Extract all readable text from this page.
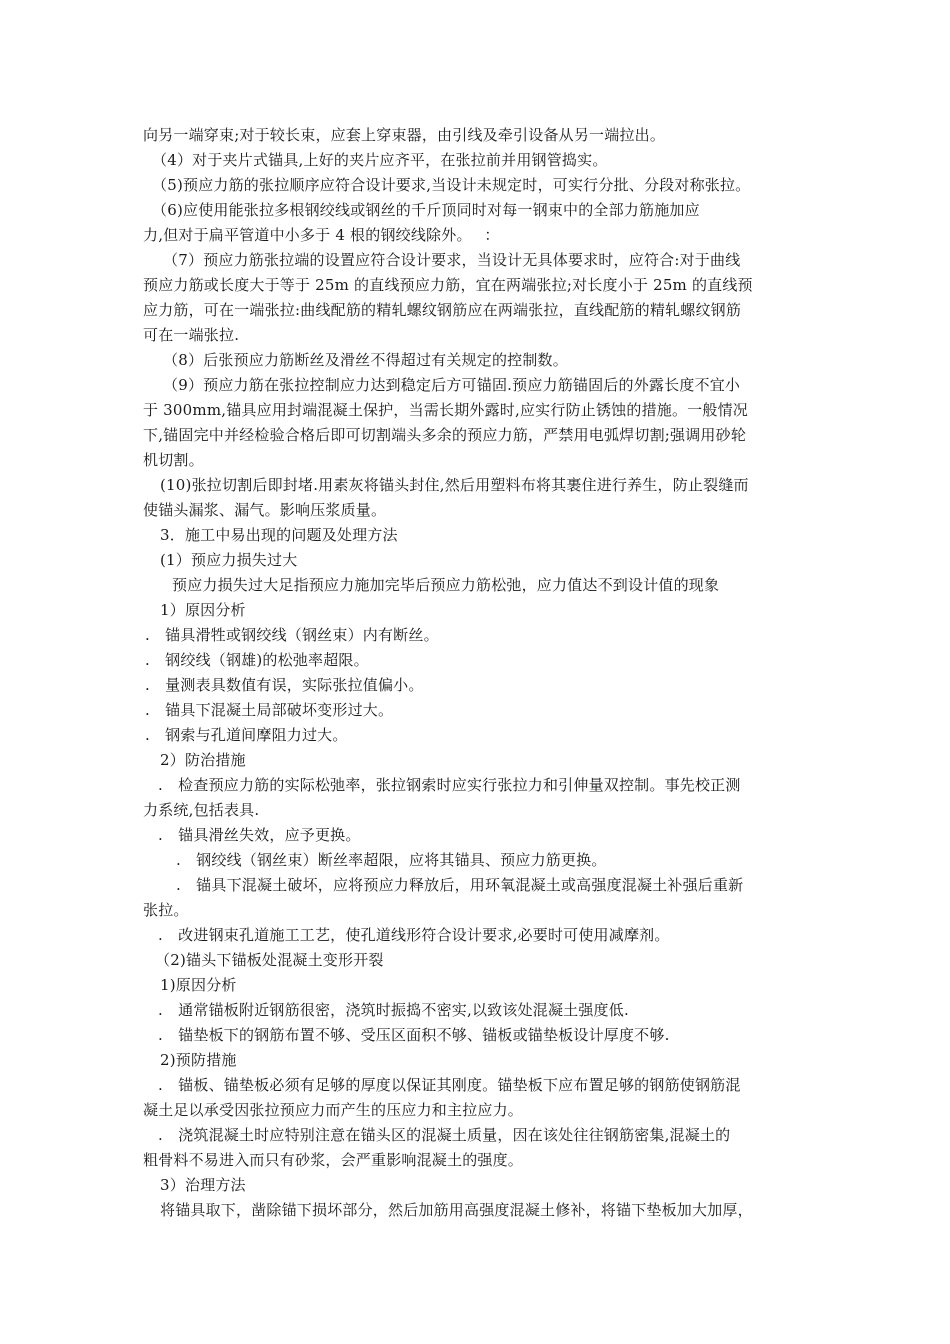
向另一端穿束;对于较长束，应套上穿束器，由引线及牵引设备从另一端拉出。
（4）对于夹片式锚具,上好的夹片应齐平，在张拉前并用钢管捣实。
（5)预应力筋的张拉顺序应符合设计要求,当设计未规定时，可实行分批、分段对称张拉。
（6)应使用能张拉多根钢绞线或钢丝的千斤顶同时对每一钢束中的全部力筋施加应
力,但对于扁平管道中小多于 4 根的钢绞线除外。　 ：
（7）预应力筋张拉端的设置应符合设计要求，当设计无具体要求时，应符合:对于曲线
预应力筋或长度大于等于 25m 的直线预应力筋，宜在两端张拉;对长度小于 25m 的直线预
应力筋，可在一端张拉:曲线配筋的精轧螺纹钢筋应在两端张拉，直线配筋的精轧螺纹钢筋
可在一端张拉.
（8）后张预应力筋断丝及滑丝不得超过有关规定的控制数。
（9）预应力筋在张拉控制应力达到稳定后方可锚固.预应力筋锚固后的外露长度不宜小
于 300mm,锚具应用封端混凝土保护，当需长期外露时,应实行防止锈蚀的措施。一般情况
下,锚固完中并经检验合格后即可切割端头多余的预应力筋，严禁用电弧焊切割;强调用砂轮
机切割。
(10)张拉切割后即封堵.用素灰将锚头封住,然后用塑料布将其裹住进行养生，防止裂缝而
使锚头漏浆、漏气。影响压浆质量。
3．施工中易出现的问题及处理方法
(1）预应力损失过大
预应力损失过大足指预应力施加完毕后预应力筋松弛，应力值达不到设计值的现象
1）原因分析
.　锚具滑牲或钢绞线（钢丝束）内有断丝。
.　钢绞线（钢雄)的松弛率超限。
.　量测表具数值有误，实际张拉值偏小。
.　锚具下混凝土局部破坏变形过大。
.　钢索与孔道间摩阻力过大。
2）防治措施
.　检查预应力筋的实际松弛率，张拉钢索时应实行张拉力和引伸量双控制。事先校正测
力系统,包括表具.
.　锚具滑丝失效，应予更换。
.　钢绞线（钢丝束）断丝率超限，应将其锚具、预应力筋更换。
.　锚具下混凝土破坏，应将预应力释放后，用环氧混凝土或高强度混凝土补强后重新
张拉。
.　改进钢束孔道施工工艺，使孔道线形符合设计要求,必要时可使用减摩剂。
（2)锚头下锚板处混凝土变形开裂
1)原因分析
.　通常锚板附近钢筋很密，浇筑时振捣不密实,以致该处混凝土强度低.
.　锚垫板下的钢筋布置不够、受压区面积不够、锚板或锚垫板设计厚度不够.
2)预防措施
.　锚板、锚垫板必须有足够的厚度以保证其刚度。锚垫板下应布置足够的钢筋使钢筋混
凝土足以承受因张拉预应力而产生的压应力和主拉应力。
.　浇筑混凝土时应特别注意在锚头区的混凝土质量，因在该处往往钢筋密集,混凝土的
粗骨料不易进入而只有砂浆，会严重影响混凝土的强度。
3）治理方法
将锚具取下，凿除锚下损坏部分，然后加筋用高强度混凝土修补，将锚下垫板加大加厚，
